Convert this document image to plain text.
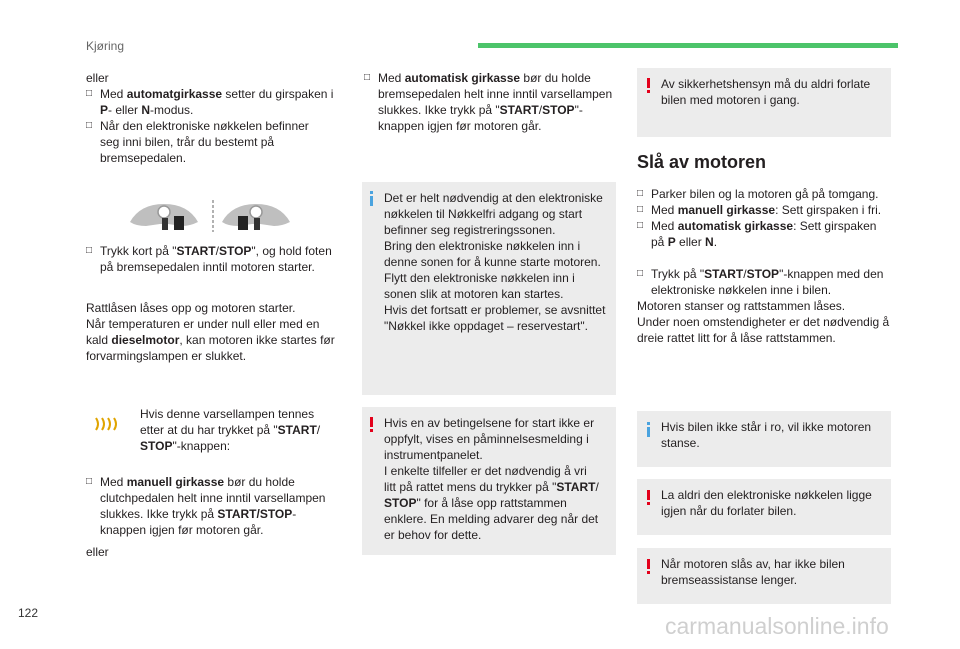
Kjøring

eller

□ Med automatgirkasse setter du girspaken i
P- eller N-modus.
□ Når den elektroniske nøkkelen befinner
seg inni bilen, trår du bestemt på
bremsepedalen.
□ Trykk kort på "START/STOP", og hold foten
på bremsepedalen inntil motoren starter.
Rattlåsen låses opp og motoren starter.
Når temperaturen er under null eller med en
kald dieselmotor, kan motoren ikke startes før
forvarmingslampen er slukket.
Hvis denne varsellampen tennes
etter at du har trykket på "START/
STOP"-knappen:
□ Med manuell girkasse bør du holde
clutchpedalen helt inne inntil varsellampen
slukkes. Ikke trykk på START/STOP-
knappen igjen før motoren går.
eller
□ Med automatisk girkasse bør du holde
bremsepedalen helt inne inntil varsellampen
slukkes. Ikke trykk på "START/STOP"-
knappen igjen før motoren går.
Det er helt nødvendig at den elektroniske
nøkkelen til Nøkkelfri adgang og start
befinner seg registreringssonen.
Bring den elektroniske nøkkelen inn i
denne sonen for å kunne starte motoren.
Flytt den elektroniske nøkkelen inn i
sonen slik at motoren kan startes.
Hvis det fortsatt er problemer, se avsnittet
"Nøkkel ikke oppdaget – reservestart".
Hvis en av betingelsene for start ikke er
oppfylt, vises en påminnelsesmelding i
instrumentpanelet.
I enkelte tilfeller er det nødvendig å vri
litt på rattet mens du trykker på "START/
STOP" for å låse opp rattstammen
enklere. En melding advarer deg når det
er behov for dette.
Av sikkerhetshensyn må du aldri forlate
bilen med motoren i gang.
Slå av motoren
□ Parker bilen og la motoren gå på tomgang.
□ Med manuell girkasse: Sett girspaken i fri.
□ Med automatisk girkasse: Sett girspaken
på P eller N.
□ Trykk på "START/STOP"-knappen med den
elektroniske nøkkelen inne i bilen.
Motoren stanser og rattstammen låses.
Under noen omstendigheter er det nødvendig å
dreie rattet litt for å låse rattstammen.
Hvis bilen ikke står i ro, vil ikke motoren
stanse.
La aldri den elektroniske nøkkelen ligge
igjen når du forlater bilen.
Når motoren slås av, har ikke bilen
bremseassistanse lenger.
122	carmanualsonline.info
